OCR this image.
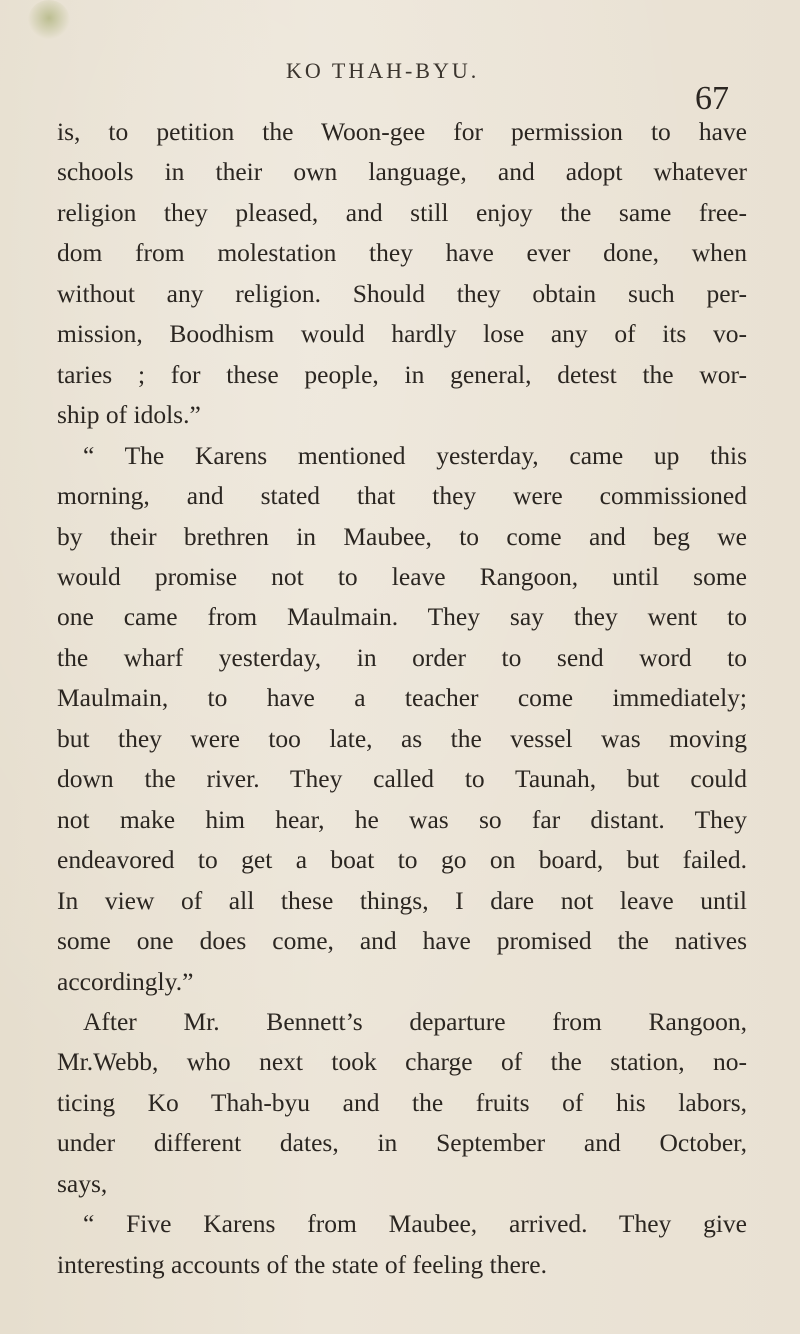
KO THAH-BYU.
67
is, to petition the Woon-gee for permission to have
schools in their own language, and adopt whatever
religion they pleased, and still enjoy the same free-
dom from molestation they have ever done, when
without any religion. Should they obtain such per-
mission, Boodhism would hardly lose any of its vo-
taries ; for these people, in general, detest the wor-
ship of idols.”
“ The Karens mentioned yesterday, came up this
morning, and stated that they were commissioned
by their brethren in Maubee, to come and beg we
would promise not to leave Rangoon, until some
one came from Maulmain. They say they went to
the wharf yesterday, in order to send word to
Maulmain, to have a teacher come immediately;
but they were too late, as the vessel was moving
down the river. They called to Taunah, but could
not make him hear, he was so far distant. They
endeavored to get a boat to go on board, but failed.
In view of all these things, I dare not leave until
some one does come, and have promised the natives
accordingly.”
After Mr. Bennett’s departure from Rangoon,
Mr.Webb, who next took charge of the station, no-
ticing Ko Thah-byu and the fruits of his labors,
under different dates, in September and October,
says,
“ Five Karens from Maubee, arrived. They give
interesting accounts of the state of feeling there.
